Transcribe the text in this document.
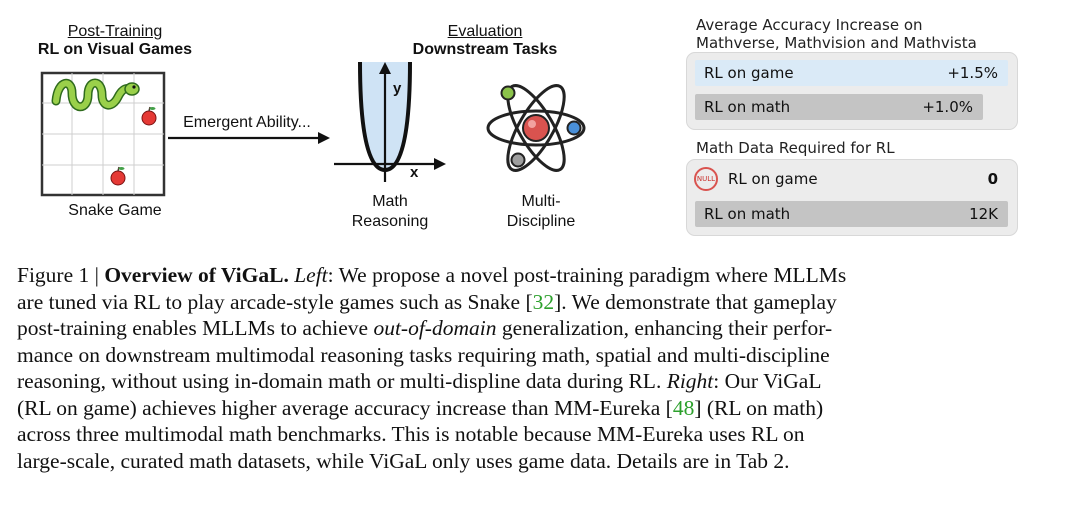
Post-Training
RL on Visual Games
Snake Game
Emergent Ability...
Evaluation
Downstream Tasks
y
x
Math
Reasoning
Multi-
Discipline
Average Accuracy Increase on
Mathverse, Mathvision and Mathvista
RL on game	+1.5%
RL on math	+1.0%
Math Data Required for RL
NULL RL on game	0
RL on math	12K
Figure 1 | Overview of ViGaL. Left: We propose a novel post-training paradigm where MLLMs
are tuned via RL to play arcade-style games such as Snake [32]. We demonstrate that gameplay
post-training enables MLLMs to achieve out-of-domain generalization, enhancing their perfor-
mance on downstream multimodal reasoning tasks requiring math, spatial and multi-discipline
reasoning, without using in-domain math or multi-displine data during RL. Right: Our ViGaL
(RL on game) achieves higher average accuracy increase than MM-Eureka [48] (RL on math)
across three multimodal math benchmarks. This is notable because MM-Eureka uses RL on
large-scale, curated math datasets, while ViGaL only uses game data. Details are in Tab 2.
